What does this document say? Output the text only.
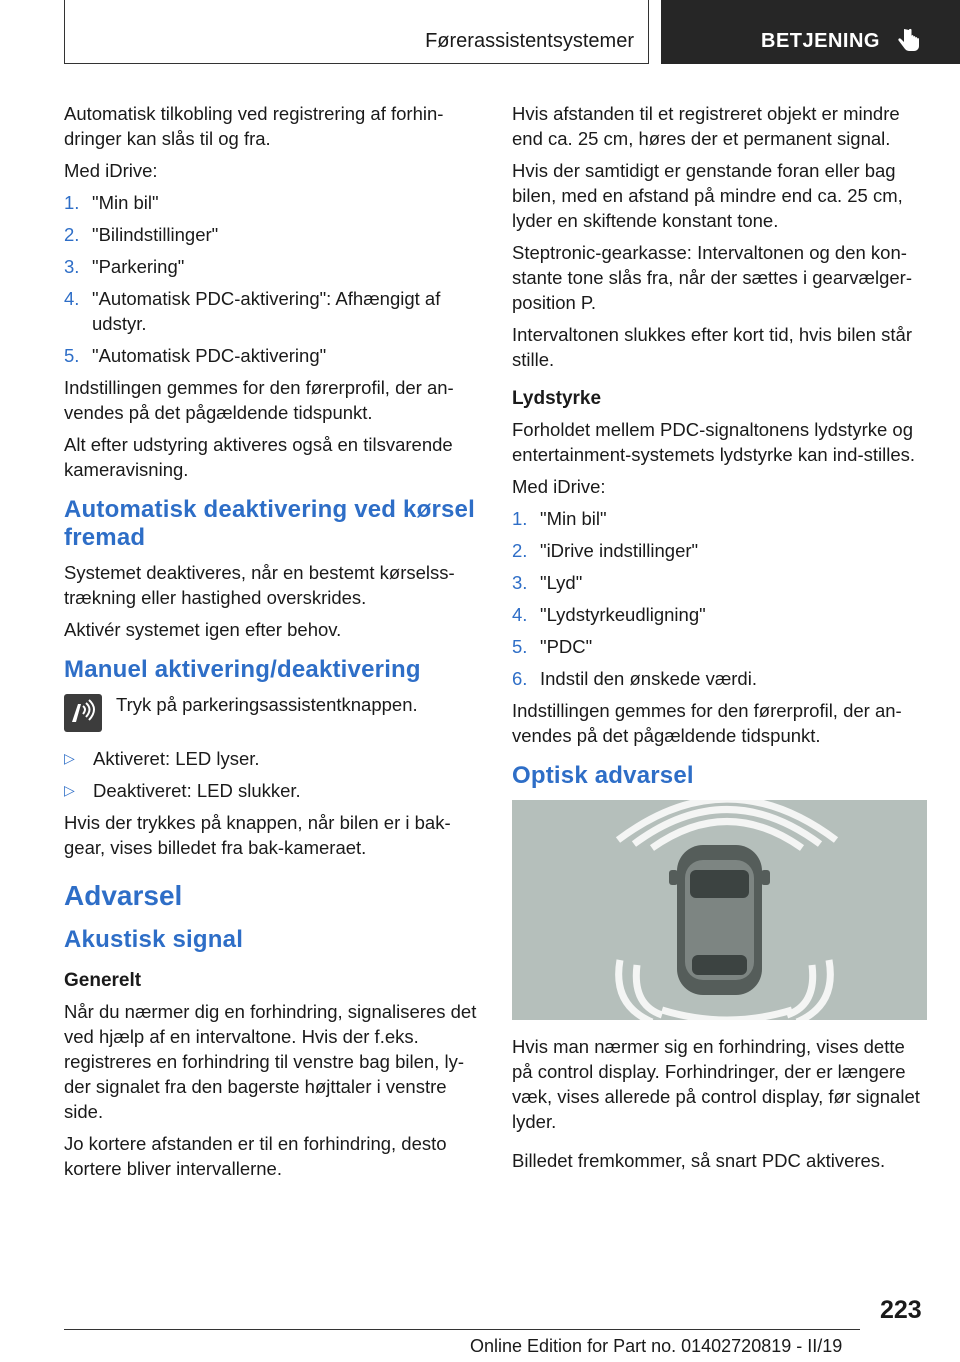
Førerassistentsystemer	BETJENING

Automatisk tilkobling ved registrering af forhin-dringer kan slås til og fra.

Med iDrive:

1. "Min bil"
2. "Bilindstillinger"
3. "Parkering"
4. "Automatisk PDC-aktivering": Afhængigt af udstyr.
5. "Automatisk PDC-aktivering"

Indstillingen gemmes for den førerprofil, der an-vendes på det pågældende tidspunkt.

Alt efter udstyring aktiveres også en tilsvarende kameravisning.

Automatisk deaktivering ved kørsel fremad

Systemet deaktiveres, når en bestemt kørselss-trækning eller hastighed overskrides.

Aktivér systemet igen efter behov.

Manuel aktivering/deaktivering
Tryk på parkeringsassistentknappen.
▷ Aktiveret: LED lyser.
▷ Deaktiveret: LED slukker.

Hvis der trykkes på knappen, når bilen er i bak-gear, vises billedet fra bak-kameraet.

Advarsel
Akustisk signal
Generelt

Når du nærmer dig en forhindring, signaliseres det ved hjælp af en intervaltone. Hvis der f.eks. registreres en forhindring til venstre bag bilen, ly-der signalet fra den bagerste højttaler i venstre side.

Jo kortere afstanden er til en forhindring, desto kortere bliver intervallerne.

Hvis afstanden til et registreret objekt er mindre end ca. 25 cm, høres der et permanent signal.

Hvis der samtidigt er genstande foran eller bag bilen, med en afstand på mindre end ca. 25 cm, lyder en skiftende konstant tone.

Steptronic-gearkasse: Intervaltonen og den kon-stante tone slås fra, når der sættes i gearvælger-position P.

Intervaltonen slukkes efter kort tid, hvis bilen står stille.

Lydstyrke

Forholdet mellem PDC-signaltonens lydstyrke og entertainment-systemets lydstyrke kan ind-stilles.

Med iDrive:

1. "Min bil"
2. "iDrive indstillinger"
3. "Lyd"
4. "Lydstyrkeudligning"
5. "PDC"
6. Indstil den ønskede værdi.

Indstillingen gemmes for den førerprofil, der an-vendes på det pågældende tidspunkt.

Optisk advarsel

Hvis man nærmer sig en forhindring, vises dette på control display. Forhindringer, der er længere væk, vises allerede på control display, før signalet lyder.

Billedet fremkommer, så snart PDC aktiveres.

223
Online Edition for Part no. 01402720819 - II/19
